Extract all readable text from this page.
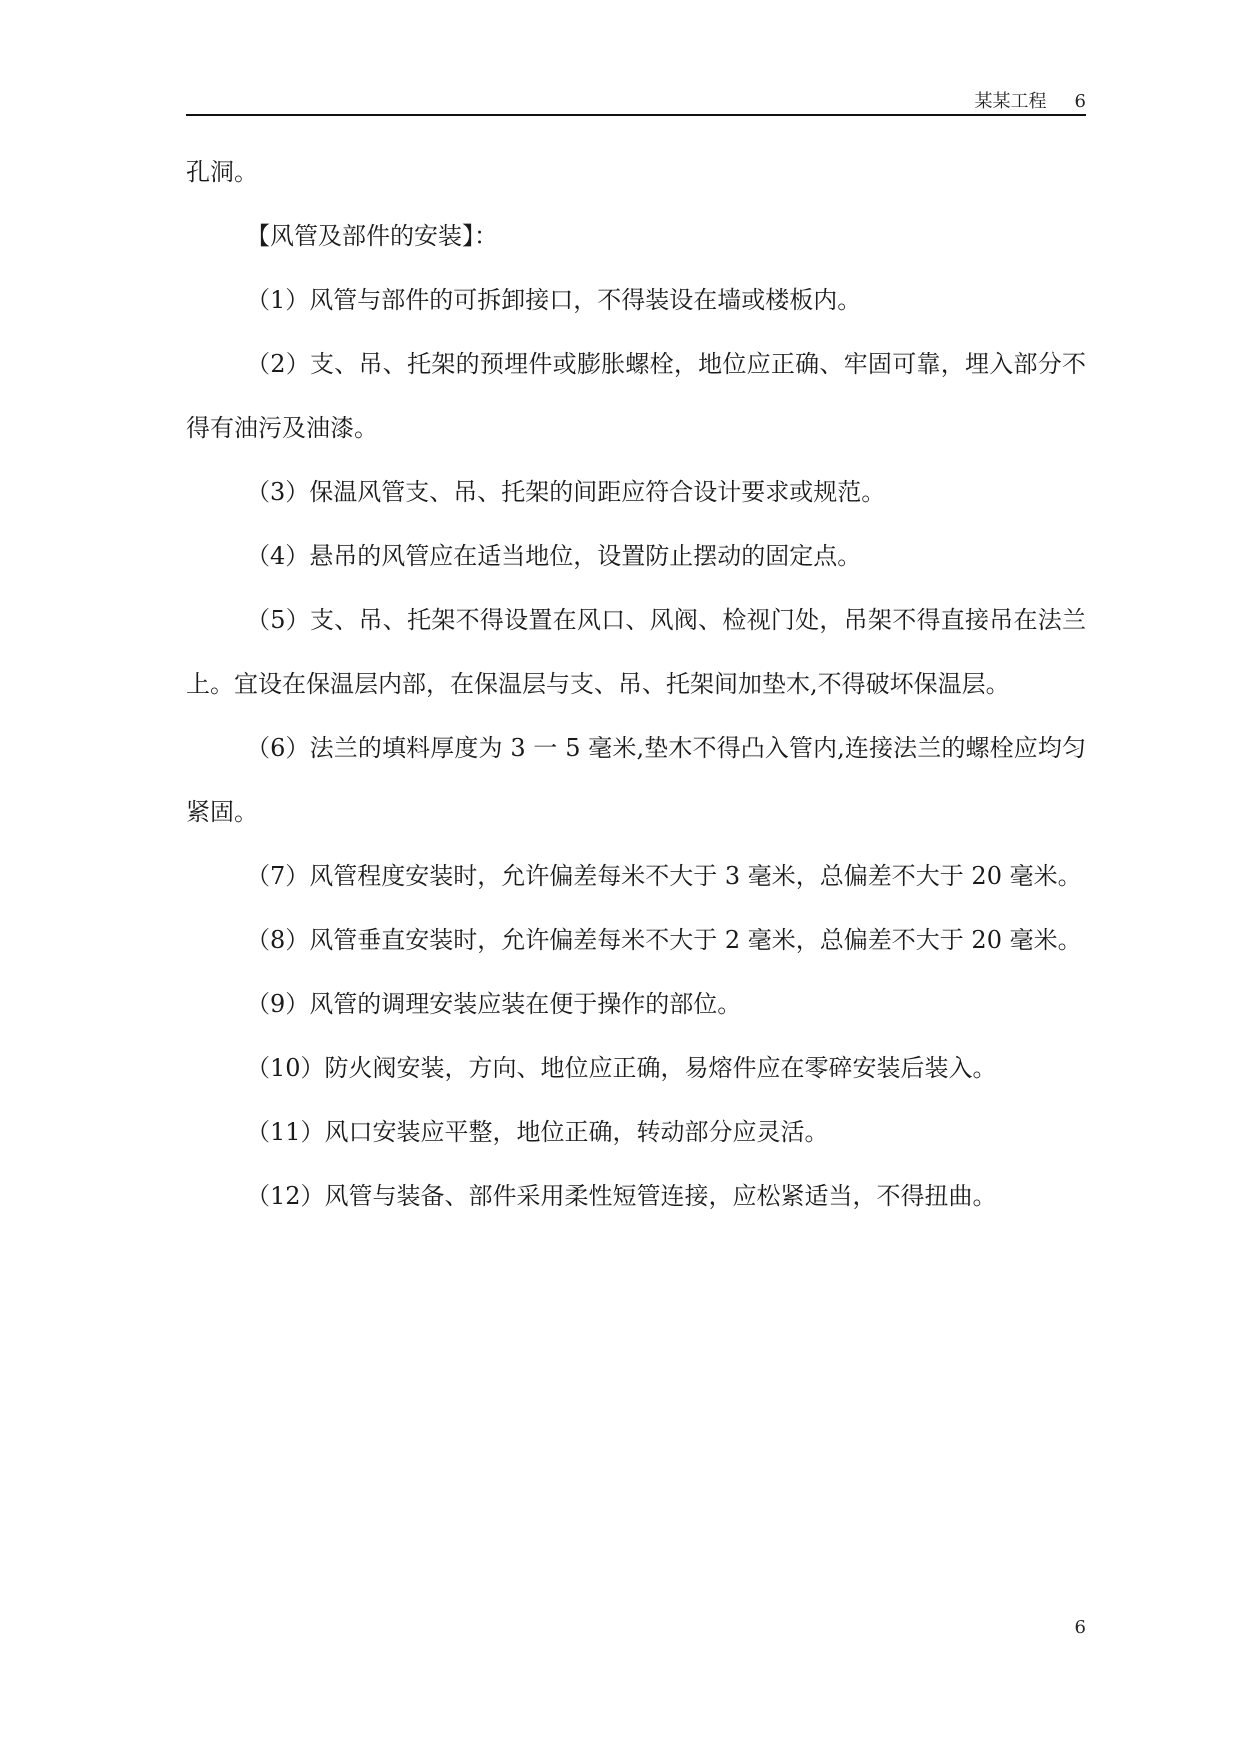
某某工程 6

孔洞。

【风管及部件的安装】：

（1）风管与部件的可拆卸接口，不得装设在墙或楼板内。

（2）支、吊、托架的预埋件或膨胀螺栓，地位应正确、牢固可靠，埋入部分不得有油污及油漆。

（3）保温风管支、吊、托架的间距应符合设计要求或规范。

（4）悬吊的风管应在适当地位，设置防止摆动的固定点。

（5）支、吊、托架不得设置在风口、风阀、检视门处，吊架不得直接吊在法兰上。宜设在保温层内部，在保温层与支、吊、托架间加垫木,不得破坏保温层。

（6）法兰的填料厚度为 3 一 5 毫米,垫木不得凸入管内,连接法兰的螺栓应均匀紧固。

（7）风管程度安装时，允许偏差每米不大于 3 毫米，总偏差不大于 20 毫米。

（8）风管垂直安装时，允许偏差每米不大于 2 毫米，总偏差不大于 20 毫米。

（9）风管的调理安装应装在便于操作的部位。

（10）防火阀安装，方向、地位应正确，易熔件应在零碎安装后装入。

（11）风口安装应平整，地位正确，转动部分应灵活。

（12）风管与装备、部件采用柔性短管连接，应松紧适当，不得扭曲。

6
